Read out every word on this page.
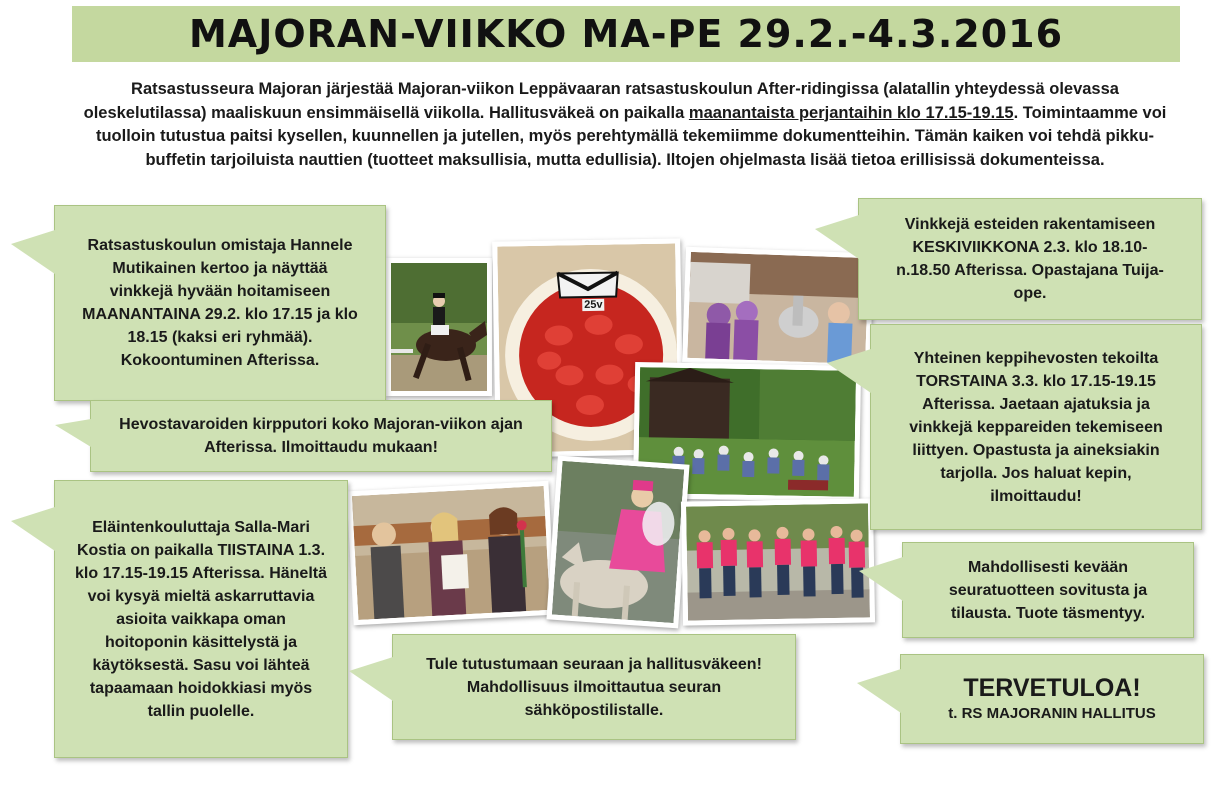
MAJORAN-VIIKKO MA-PE 29.2.-4.3.2016
Ratsastusseura Majoran järjestää Majoran-viikon Leppävaaran ratsastuskoulun After-ridingissa (alatallin yhteydessä olevassa oleskelutilassa) maaliskuun ensimmäisellä viikolla. Hallitusväkeä on paikalla maanantaista perjantaihin klo 17.15-19.15. Toimintaamme voi tuolloin tutustua paitsi kysellen, kuunnellen ja jutellen, myös perehtymällä tekemiimme dokumentteihin. Tämän kaiken voi tehdä pikku-buffetin tarjoiluista nauttien (tuotteet maksullisia, mutta edullisia). Iltojen ohjelmasta lisää tietoa erillisissä dokumenteissa.
25v
Ratsastuskoulun omistaja Hannele Mutikainen kertoo ja näyttää vinkkejä hyvään hoitamiseen MAANANTAINA 29.2. klo 17.15 ja klo 18.15 (kaksi eri ryhmää). Kokoontuminen Afterissa.
Hevostavaroiden kirpputori koko Majoran-viikon ajan Afterissa. Ilmoittaudu mukaan!
Eläintenkouluttaja Salla-Mari Kostia on paikalla TIISTAINA 1.3. klo 17.15-19.15 Afterissa. Häneltä voi kysyä mieltä askarruttavia asioita vaikkapa oman hoitoponin käsittelystä ja käytöksestä. Sasu voi lähteä tapaamaan hoidokkiasi myös tallin puolelle.
Tule tutustumaan seuraan ja hallitusväkeen! Mahdollisuus ilmoittautua seuran sähköpostilistalle.
Vinkkejä esteiden rakentamiseen KESKIVIIKKONA 2.3. klo 18.10-n.18.50 Afterissa. Opastajana Tuija-ope.
Yhteinen keppihevosten tekoilta TORSTAINA 3.3. klo 17.15-19.15 Afterissa. Jaetaan ajatuksia ja vinkkejä keppareiden tekemiseen liittyen. Opastusta ja aineksiakin tarjolla. Jos haluat kepin, ilmoittaudu!
Mahdollisesti kevään seuratuotteen sovitusta ja tilausta. Tuote täsmentyy.
TERVETULOA!
t. RS MAJORANIN HALLITUS
